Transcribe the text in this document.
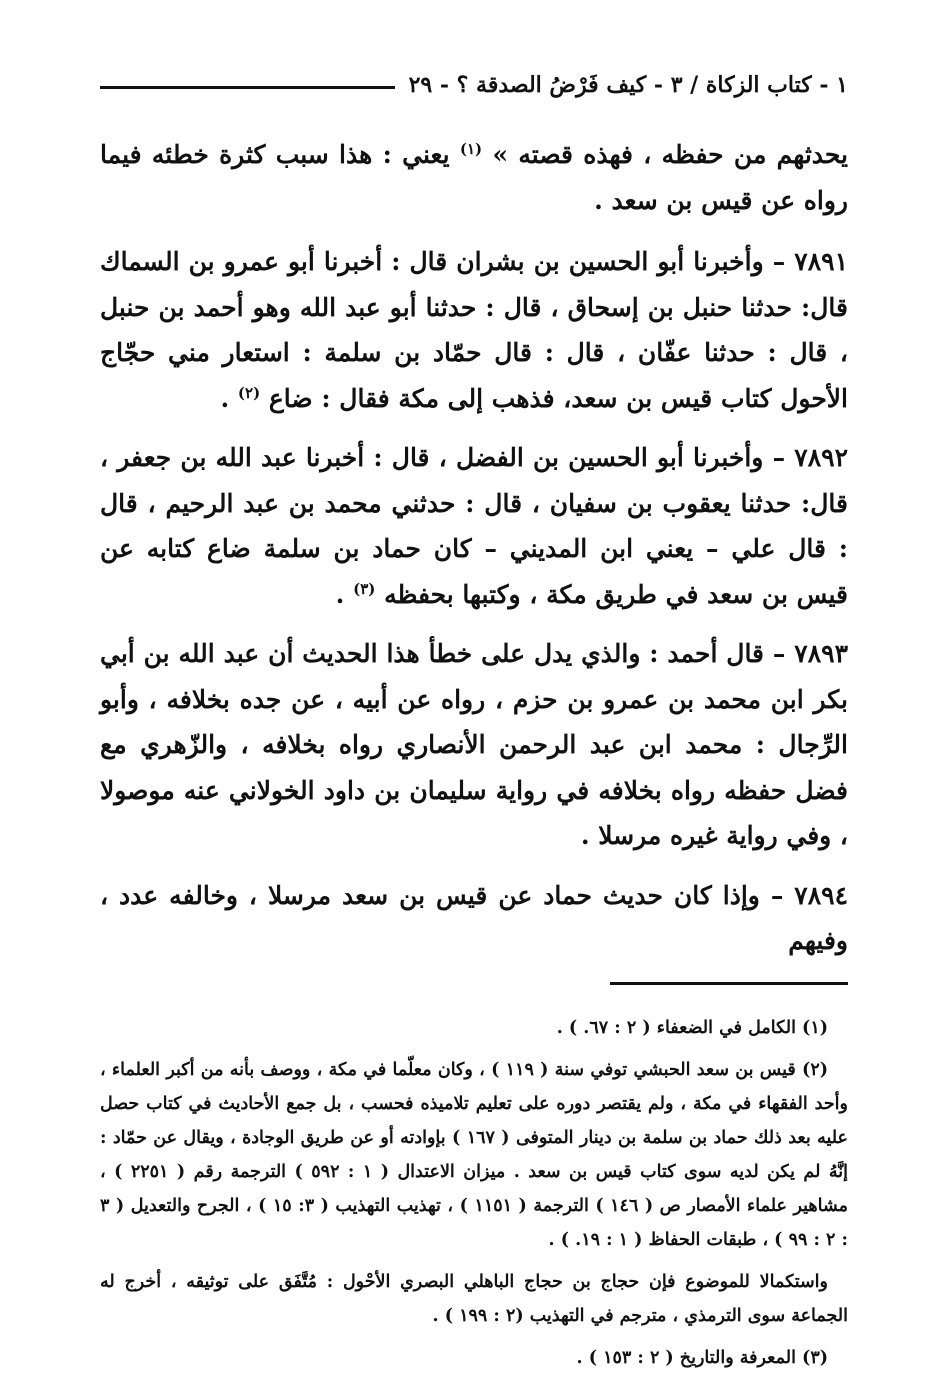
١ - كتاب الزكاة / ٣ - كيف فَرْضُ الصدقة ؟ - ٢٩

يحدثهم من حفظه ، فهذه قصته » $^{(١)}$ يعني : هذا سبب كثرة خطئه فيما رواه عن قيس بن سعد .

٧٨٩١ – وأخبرنا أبو الحسين بن بشران قال : أخبرنا أبو عمرو بن السماك قال: حدثنا حنبل بن إسحاق ، قال : حدثنا أبو عبد الله وهو أحمد بن حنبل ، قال : حدثنا عفّان ، قال : قال حمّاد بن سلمة : استعار مني حجّاج الأحول كتاب قيس بن سعد، فذهب إلى مكة فقال : ضاع $^{(٢)}$ .

٧٨٩٢ – وأخبرنا أبو الحسين بن الفضل ، قال : أخبرنا عبد الله بن جعفر ، قال: حدثنا يعقوب بن سفيان ، قال : حدثني محمد بن عبد الرحيم ، قال : قال علي – يعني ابن المديني – كان حماد بن سلمة ضاع كتابه عن قيس بن سعد في طريق مكة ، وكتبها بحفظه $^{(٣)}$ .

٧٨٩٣ – قال أحمد : والذي يدل على خطأ هذا الحديث أن عبد الله بن أبي بكر ابن محمد بن عمرو بن حزم ، رواه عن أبيه ، عن جده بخلافه ، وأبو الرِّجال : محمد ابن عبد الرحمن الأنصاري رواه بخلافه ، والزّهري مع فضل حفظه رواه بخلافه في رواية سليمان بن داود الخولاني عنه موصولا ، وفي رواية غيره مرسلا .

٧٨٩٤ – وإذا كان حديث حماد عن قيس بن سعد مرسلا ، وخالفه عدد ، وفيهم

(١) الكامل في الضعفاء ( ٢ : ٦٧. ) .

(٢) قيس بن سعد الحبشي توفي سنة ( ١١٩ ) ، وكان معلّما في مكة ، ووصف بأنه من أكبر العلماء ، وأحد الفقهاء في مكة ، ولم يقتصر دوره على تعليم تلاميذه فحسب ، بل جمع الأحاديث في كتاب حصل عليه بعد ذلك حماد بن سلمة بن دينار المتوفى ( ١٦٧ ) بإوادته أو عن طريق الوجادة ، ويقال عن حمّاد : إنَّهُ لم يكن لديه سوى كتاب قيس بن سعد . ميزان الاعتدال ( ١ : ٥٩٢ ) الترجمة رقم ( ٢٢٥١ ) ، مشاهير علماء الأمصار ص ( ١٤٦ ) الترجمة ( ١١٥١ ) ، تهذيب التهذيب ( ٣: ١٥ ) ، الجرح والتعديل ( ٣ : ٢ : ٩٩ ) ، طبقات الحفاظ ( ١ : ١٩. ) .

واستكمالا للموضوع فإن حجاج بن حجاج الباهلي البصري الأحْول : مُتَّفَق على توثيقه ، أخرج له الجماعة سوى الترمذي ، مترجم في التهذيب (٢ : ١٩٩ ) .

(٣) المعرفة والتاريخ ( ٢ : ١٥٣ ) .
